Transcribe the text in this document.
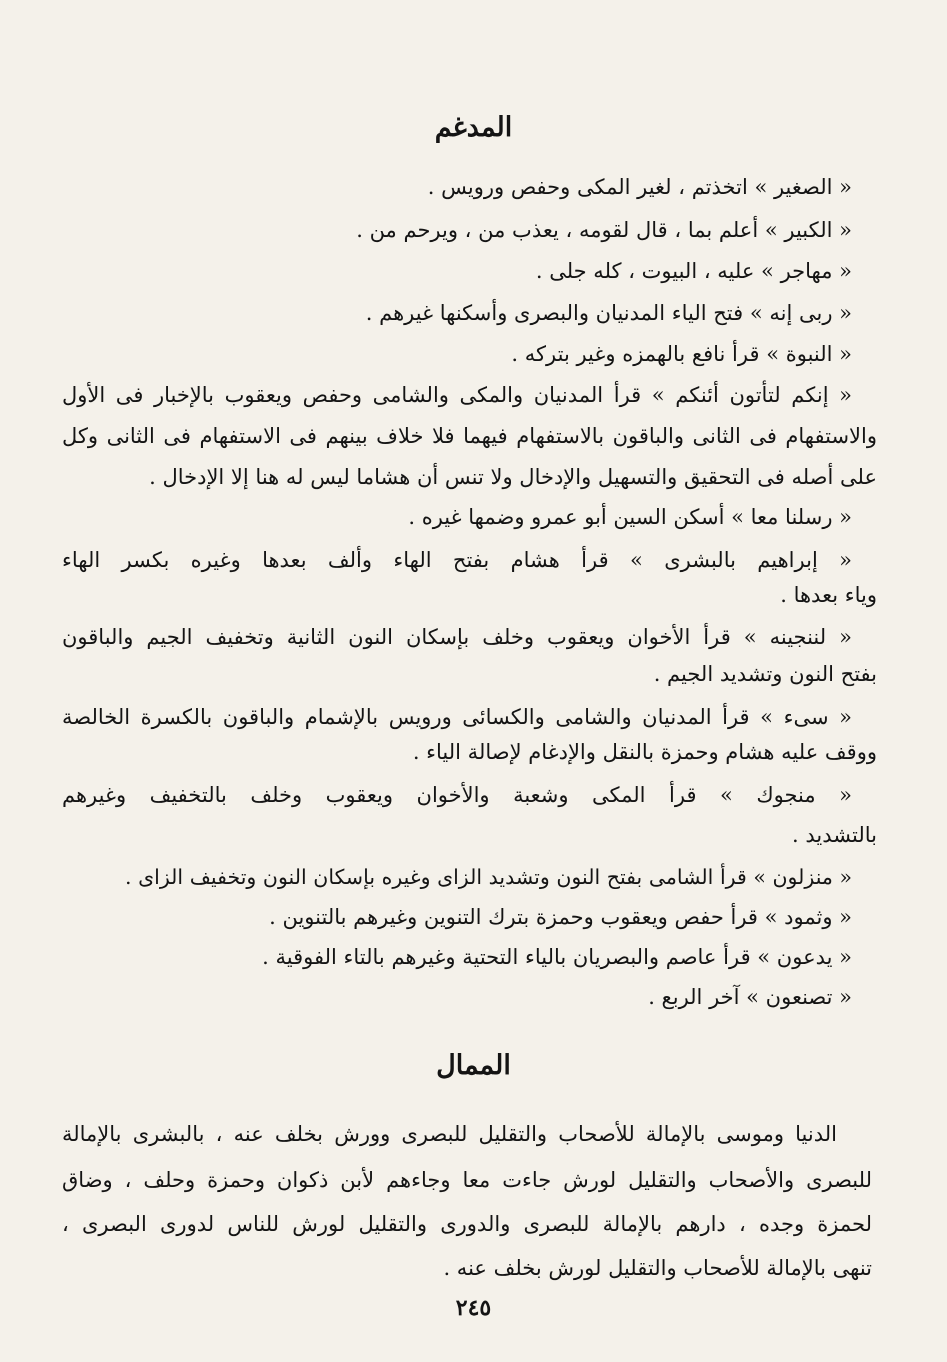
المدغم
« الصغير » اتخذتم ، لغير المكى وحفص ورويس .
« الكبير » أعلم بما ، قال لقومه ، يعذب من ، ويرحم من .
« مهاجر » عليه ، البيوت ، كله جلى .
« ربى إنه » فتح الياء المدنيان والبصرى وأسكنها غيرهم .
« النبوة » قرأ نافع بالهمزه وغير بتركه .
« إنكم لتأتون أئنكم » قرأ المدنيان والمكى والشامى وحفص ويعقوب بالإخبار فى الأول
والاستفهام فى الثانى والباقون بالاستفهام فيهما فلا خلاف بينهم فى الاستفهام فى الثانى وكل
على أصله فى التحقيق والتسهيل والإدخال ولا تنس أن هشاما ليس له هنا إلا الإدخال .
« رسلنا معا » أسكن السين أبو عمرو وضمها غيره .
« إبراهيم بالبشرى » قرأ هشام بفتح الهاء وألف بعدها وغيره بكسر الهاء
وياء بعدها .
« لننجينه » قرأ الأخوان ويعقوب وخلف بإسكان النون الثانية وتخفيف الجيم والباقون
بفتح النون وتشديد الجيم .
« سىء » قرأ المدنيان والشامى والكسائى ورويس بالإشمام والباقون بالكسرة الخالصة
ووقف عليه هشام وحمزة بالنقل والإدغام لإصالة الياء .
« منجوك » قرأ المكى وشعبة والأخوان ويعقوب وخلف بالتخفيف وغيرهم
بالتشديد .
« منزلون » قرأ الشامى بفتح النون وتشديد الزاى وغيره بإسكان النون وتخفيف الزاى .
« وثمود » قرأ حفص ويعقوب وحمزة بترك التنوين وغيرهم بالتنوين .
« يدعون » قرأ عاصم والبصريان بالياء التحتية وغيرهم بالتاء الفوقية .
« تصنعون » آخر الربع .
الممال
الدنيا وموسى بالإمالة للأصحاب والتقليل للبصرى وورش بخلف عنه ، بالبشرى بالإمالة
للبصرى والأصحاب والتقليل لورش جاءت معا وجاءهم لأبن ذكوان وحمزة وحلف ، وضاق
لحمزة وجده ، دارهم بالإمالة للبصرى والدورى والتقليل لورش للناس لدورى البصرى ،
تنهى بالإمالة للأصحاب والتقليل لورش بخلف عنه .
٢٤٥
